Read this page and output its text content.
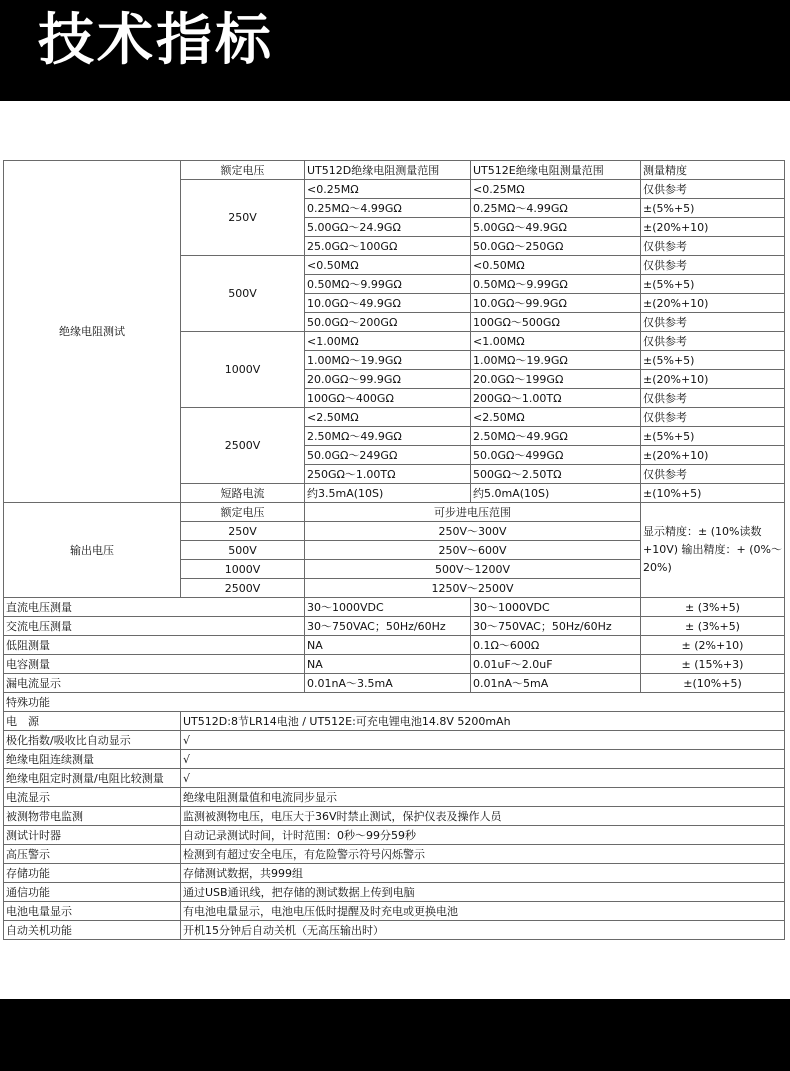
技术指标
绝缘电阻测试	额定电压	UT512D绝缘电阻测量范围	UT512E绝缘电阻测量范围	测量精度
	250V	<0.25MΩ	<0.25MΩ	仅供参考
		0.25MΩ～4.99GΩ	0.25MΩ～4.99GΩ	±(5%+5)
		5.00GΩ～24.9GΩ	5.00GΩ～49.9GΩ	±(20%+10)
		25.0GΩ～100GΩ	50.0GΩ～250GΩ	仅供参考
	500V	<0.50MΩ	<0.50MΩ	仅供参考
		0.50MΩ～9.99GΩ	0.50MΩ～9.99GΩ	±(5%+5)
		10.0GΩ～49.9GΩ	10.0GΩ～99.9GΩ	±(20%+10)
		50.0GΩ～200GΩ	100GΩ～500GΩ	仅供参考
	1000V	<1.00MΩ	<1.00MΩ	仅供参考
		1.00MΩ～19.9GΩ	1.00MΩ～19.9GΩ	±(5%+5)
		20.0GΩ～99.9GΩ	20.0GΩ～199GΩ	±(20%+10)
		100GΩ～400GΩ	200GΩ～1.00TΩ	仅供参考
	2500V	<2.50MΩ	<2.50MΩ	仅供参考
		2.50MΩ～49.9GΩ	2.50MΩ～49.9GΩ	±(5%+5)
		50.0GΩ～249GΩ	50.0GΩ～499GΩ	±(20%+10)
		250GΩ～1.00TΩ	500GΩ～2.50TΩ	仅供参考
	短路电流	约3.5mA(10S)	约5.0mA(10S)	±(10%+5)
输出电压	额定电压	可步进电压范围		显示精度：± (10%读数+10V) 输出精度：+ (0%～20%)
	250V	250V～300V		
	500V	250V～600V		
	1000V	500V～1200V		
	2500V	1250V～2500V		
直流电压测量		30～1000VDC	30～1000VDC	± (3%+5)
交流电压测量		30～750VAC；50Hz/60Hz	30～750VAC；50Hz/60Hz	± (3%+5)
低阻测量		NA	0.1Ω～600Ω	± (2%+10)
电容测量		NA	0.01uF～2.0uF	± (15%+3)
漏电流显示		0.01nA～3.5mA	0.01nA～5mA	±(10%+5)
特殊功能				
电　源	UT512D:8节LR14电池 / UT512E:可充电锂电池14.8V 5200mAh			
极化指数/吸收比自动显示	√			
绝缘电阻连续测量	√			
绝缘电阻定时测量/电阻比较测量	√			
电流显示	绝缘电阻测量值和电流同步显示			
被测物带电监测	监测被测物电压，电压大于36V时禁止测试，保护仪表及操作人员			
测试计时器	自动记录测试时间，计时范围：0秒～99分59秒			
高压警示	检测到有超过安全电压，有危险警示符号闪烁警示			
存储功能	存储测试数据，共999组			
通信功能	通过USB通讯线，把存储的测试数据上传到电脑			
电池电量显示	有电池电量显示，电池电压低时提醒及时充电或更换电池			
自动关机功能	开机15分钟后自动关机（无高压输出时）			
